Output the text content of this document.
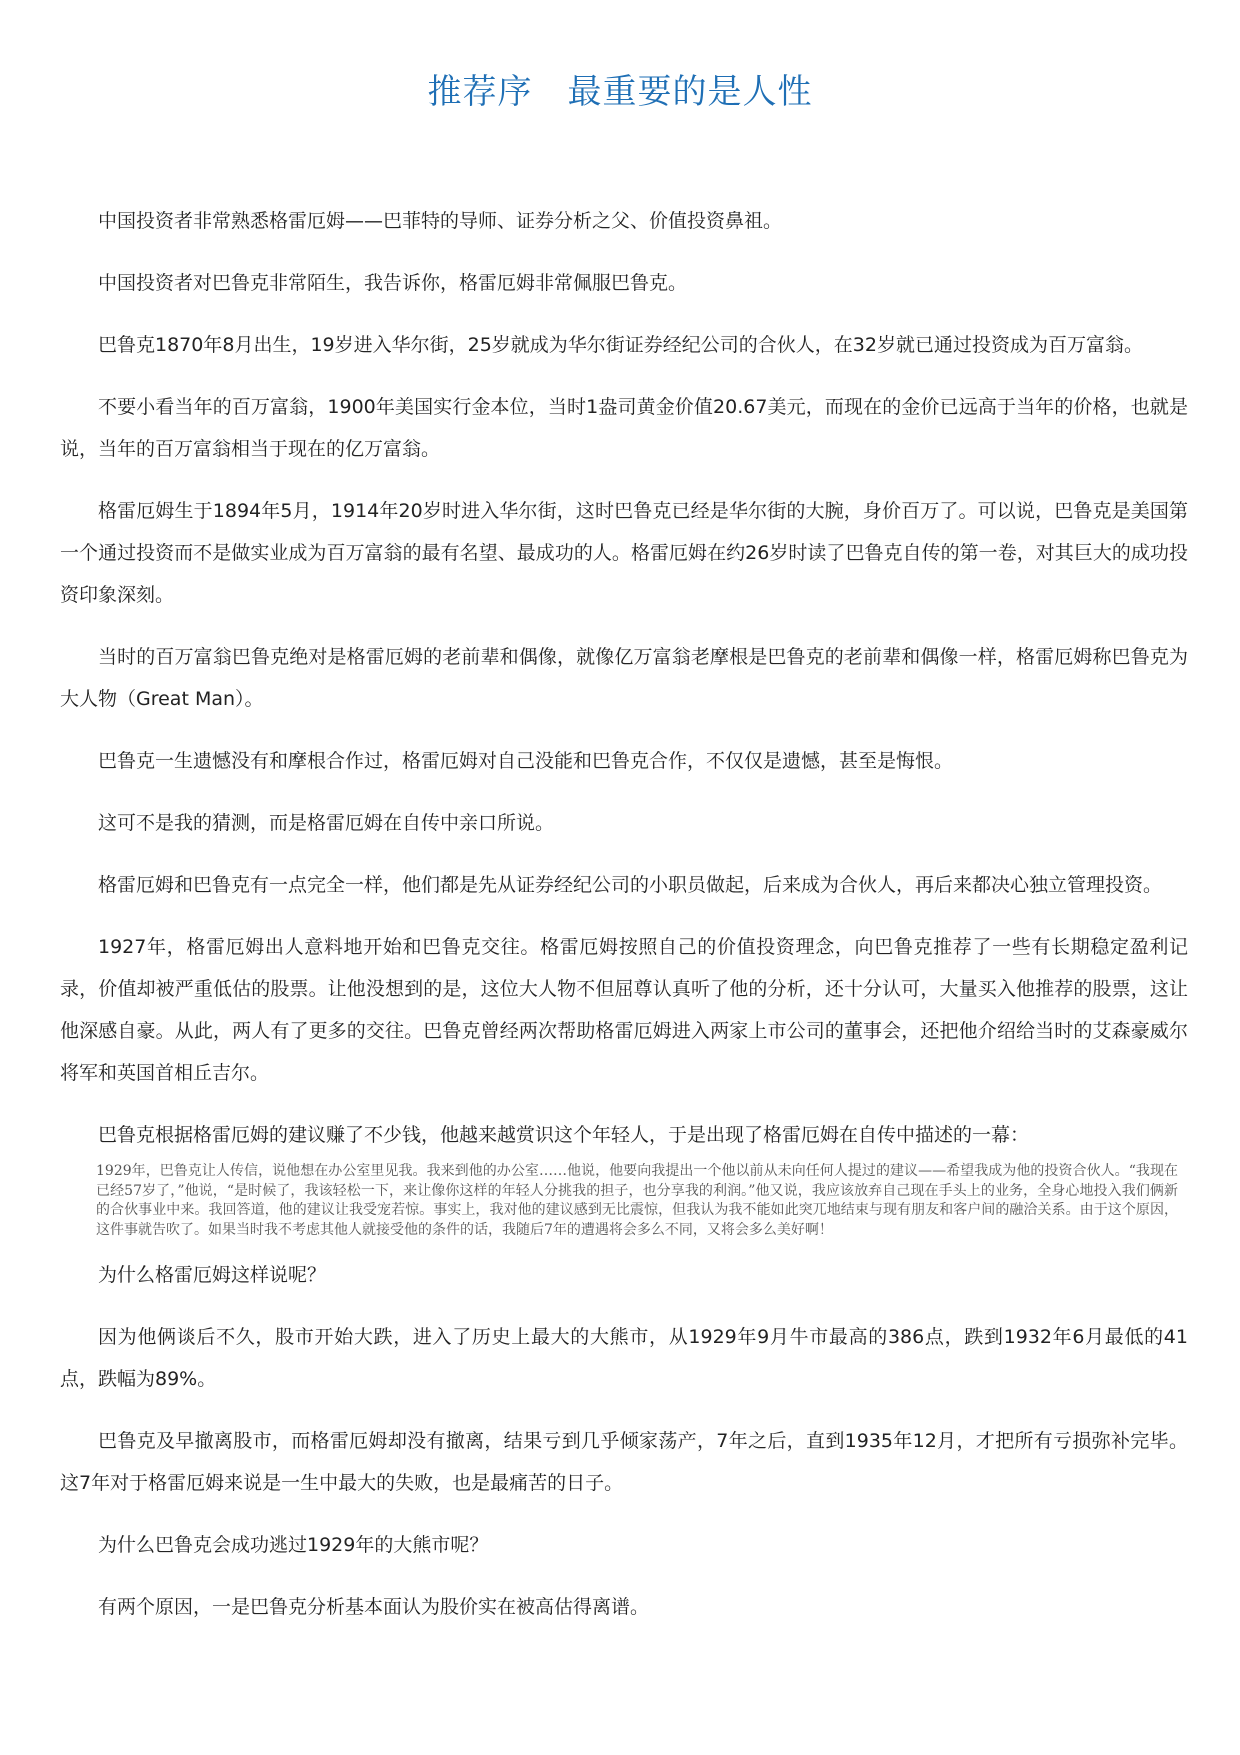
推荐序　最重要的是人性

中国投资者非常熟悉格雷厄姆——巴菲特的导师、证券分析之父、价值投资鼻祖。

中国投资者对巴鲁克非常陌生，我告诉你，格雷厄姆非常佩服巴鲁克。

巴鲁克1870年8月出生，19岁进入华尔街，25岁就成为华尔街证券经纪公司的合伙人，在32岁就已通过投资成为百万富翁。

不要小看当年的百万富翁，1900年美国实行金本位，当时1盎司黄金价值20.67美元，而现在的金价已远高于当年的价格，也就是说，当年的百万富翁相当于现在的亿万富翁。

格雷厄姆生于1894年5月，1914年20岁时进入华尔街，这时巴鲁克已经是华尔街的大腕，身价百万了。可以说，巴鲁克是美国第一个通过投资而不是做实业成为百万富翁的最有名望、最成功的人。格雷厄姆在约26岁时读了巴鲁克自传的第一卷，对其巨大的成功投资印象深刻。

当时的百万富翁巴鲁克绝对是格雷厄姆的老前辈和偶像，就像亿万富翁老摩根是巴鲁克的老前辈和偶像一样，格雷厄姆称巴鲁克为大人物（Great Man）。

巴鲁克一生遗憾没有和摩根合作过，格雷厄姆对自己没能和巴鲁克合作，不仅仅是遗憾，甚至是悔恨。

这可不是我的猜测，而是格雷厄姆在自传中亲口所说。

格雷厄姆和巴鲁克有一点完全一样，他们都是先从证券经纪公司的小职员做起，后来成为合伙人，再后来都决心独立管理投资。

1927年，格雷厄姆出人意料地开始和巴鲁克交往。格雷厄姆按照自己的价值投资理念，向巴鲁克推荐了一些有长期稳定盈利记录，价值却被严重低估的股票。让他没想到的是，这位大人物不但屈尊认真听了他的分析，还十分认可，大量买入他推荐的股票，这让他深感自豪。从此，两人有了更多的交往。巴鲁克曾经两次帮助格雷厄姆进入两家上市公司的董事会，还把他介绍给当时的艾森豪威尔将军和英国首相丘吉尔。

巴鲁克根据格雷厄姆的建议赚了不少钱，他越来越赏识这个年轻人，于是出现了格雷厄姆在自传中描述的一幕：

1929年，巴鲁克让人传信，说他想在办公室里见我。我来到他的办公室……他说，他要向我提出一个他以前从未向任何人提过的建议——希望我成为他的投资合伙人。“我现在已经57岁了，”他说，“是时候了，我该轻松一下，来让像你这样的年轻人分挑我的担子，也分享我的利润。”他又说，我应该放弃自己现在手头上的业务，全身心地投入我们俩新的合伙事业中来。我回答道，他的建议让我受宠若惊。事实上，我对他的建议感到无比震惊，但我认为我不能如此突兀地结束与现有朋友和客户间的融洽关系。由于这个原因，这件事就告吹了。如果当时我不考虑其他人就接受他的条件的话，我随后7年的遭遇将会多么不同，又将会多么美好啊！

为什么格雷厄姆这样说呢？

因为他俩谈后不久，股市开始大跌，进入了历史上最大的大熊市，从1929年9月牛市最高的386点，跌到1932年6月最低的41点，跌幅为89%。

巴鲁克及早撤离股市，而格雷厄姆却没有撤离，结果亏到几乎倾家荡产，7年之后，直到1935年12月，才把所有亏损弥补完毕。这7年对于格雷厄姆来说是一生中最大的失败，也是最痛苦的日子。

为什么巴鲁克会成功逃过1929年的大熊市呢？

有两个原因，一是巴鲁克分析基本面认为股价实在被高估得离谱。
